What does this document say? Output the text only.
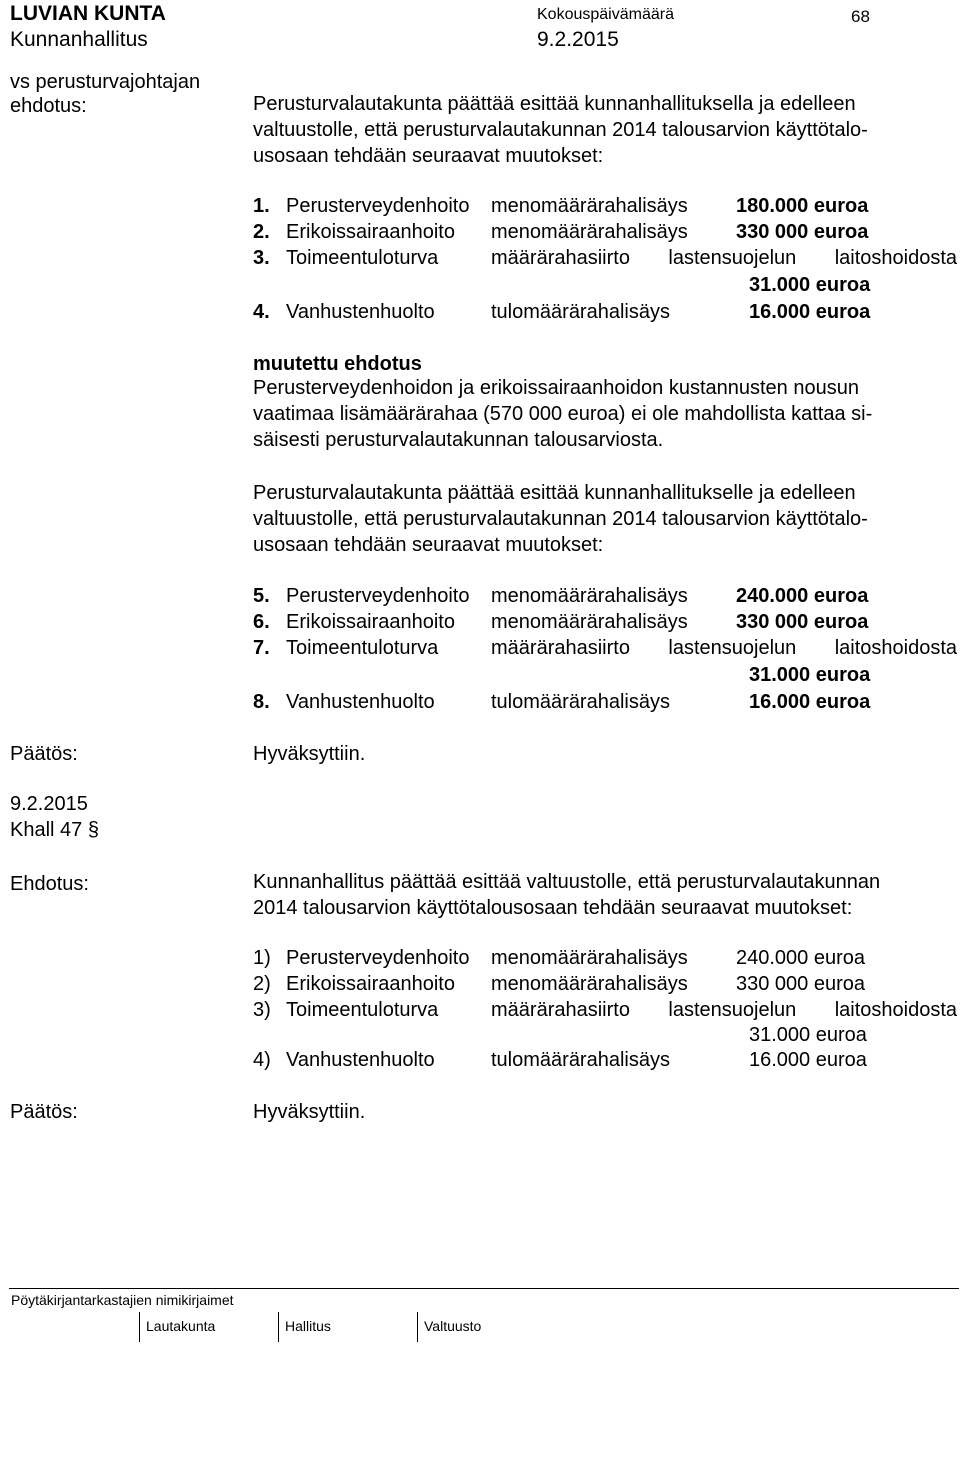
LUVIAN KUNTA
Kunnanhallitus
Kokouspäivämäärä
9.2.2015
68
vs perusturvajohtajan
ehdotus:	Perusturvalautakunta päättää esittää kunnanhallituksella ja edelleen
valtuustolle, että perusturvalautakunnan 2014 talousarvion käyttötalo-
usosaan tehdään seuraavat muutokset:
1. Perusterveydenhoito menomäärärahalisäys 180.000 euroa
2. Erikoissairaanhoito menomäärärahalisäys 330 000 euroa
3. Toimeentuloturva	määrärahasiirto lastensuojelun laitoshoidosta
31.000 euroa
4. Vanhustenhuolto	tulomäärärahalisäys	16.000 euroa
muutettu ehdotus
Perusterveydenhoidon ja erikoissairaanhoidon kustannusten nousun
vaatimaa lisämäärärahaa (570 000 euroa) ei ole mahdollista kattaa si-
säisesti perusturvalautakunnan talousarviosta.
Perusturvalautakunta päättää esittää kunnanhallitukselle ja edelleen
valtuustolle, että perusturvalautakunnan 2014 talousarvion käyttötalo-
usosaan tehdään seuraavat muutokset:
5. Perusterveydenhoito menomäärärahalisäys 240.000 euroa
6. Erikoissairaanhoito menomäärärahalisäys 330 000 euroa
7. Toimeentuloturva	määrärahasiirto lastensuojelun laitoshoidosta
31.000 euroa
8. Vanhustenhuolto	tulomäärärahalisäys	16.000 euroa
Päätös:	Hyväksyttiin.
9.2.2015
Khall 47 §
Ehdotus:	Kunnanhallitus päättää esittää valtuustolle, että perusturvalautakunnan
2014 talousarvion käyttötalousosaan tehdään seuraavat muutokset:
1) Perusterveydenhoito menomäärärahalisäys 240.000 euroa
2) Erikoissairaanhoito menomäärärahalisäys 330 000 euroa
3) Toimeentuloturva	määrärahasiirto lastensuojelun laitoshoidosta
31.000 euroa
4) Vanhustenhuolto	tulomäärärahalisäys	16.000 euroa
Päätös:	Hyväksyttiin.
Pöytäkirjantarkastajien nimikirjaimet
Lautakunta	Hallitus	Valtuusto
